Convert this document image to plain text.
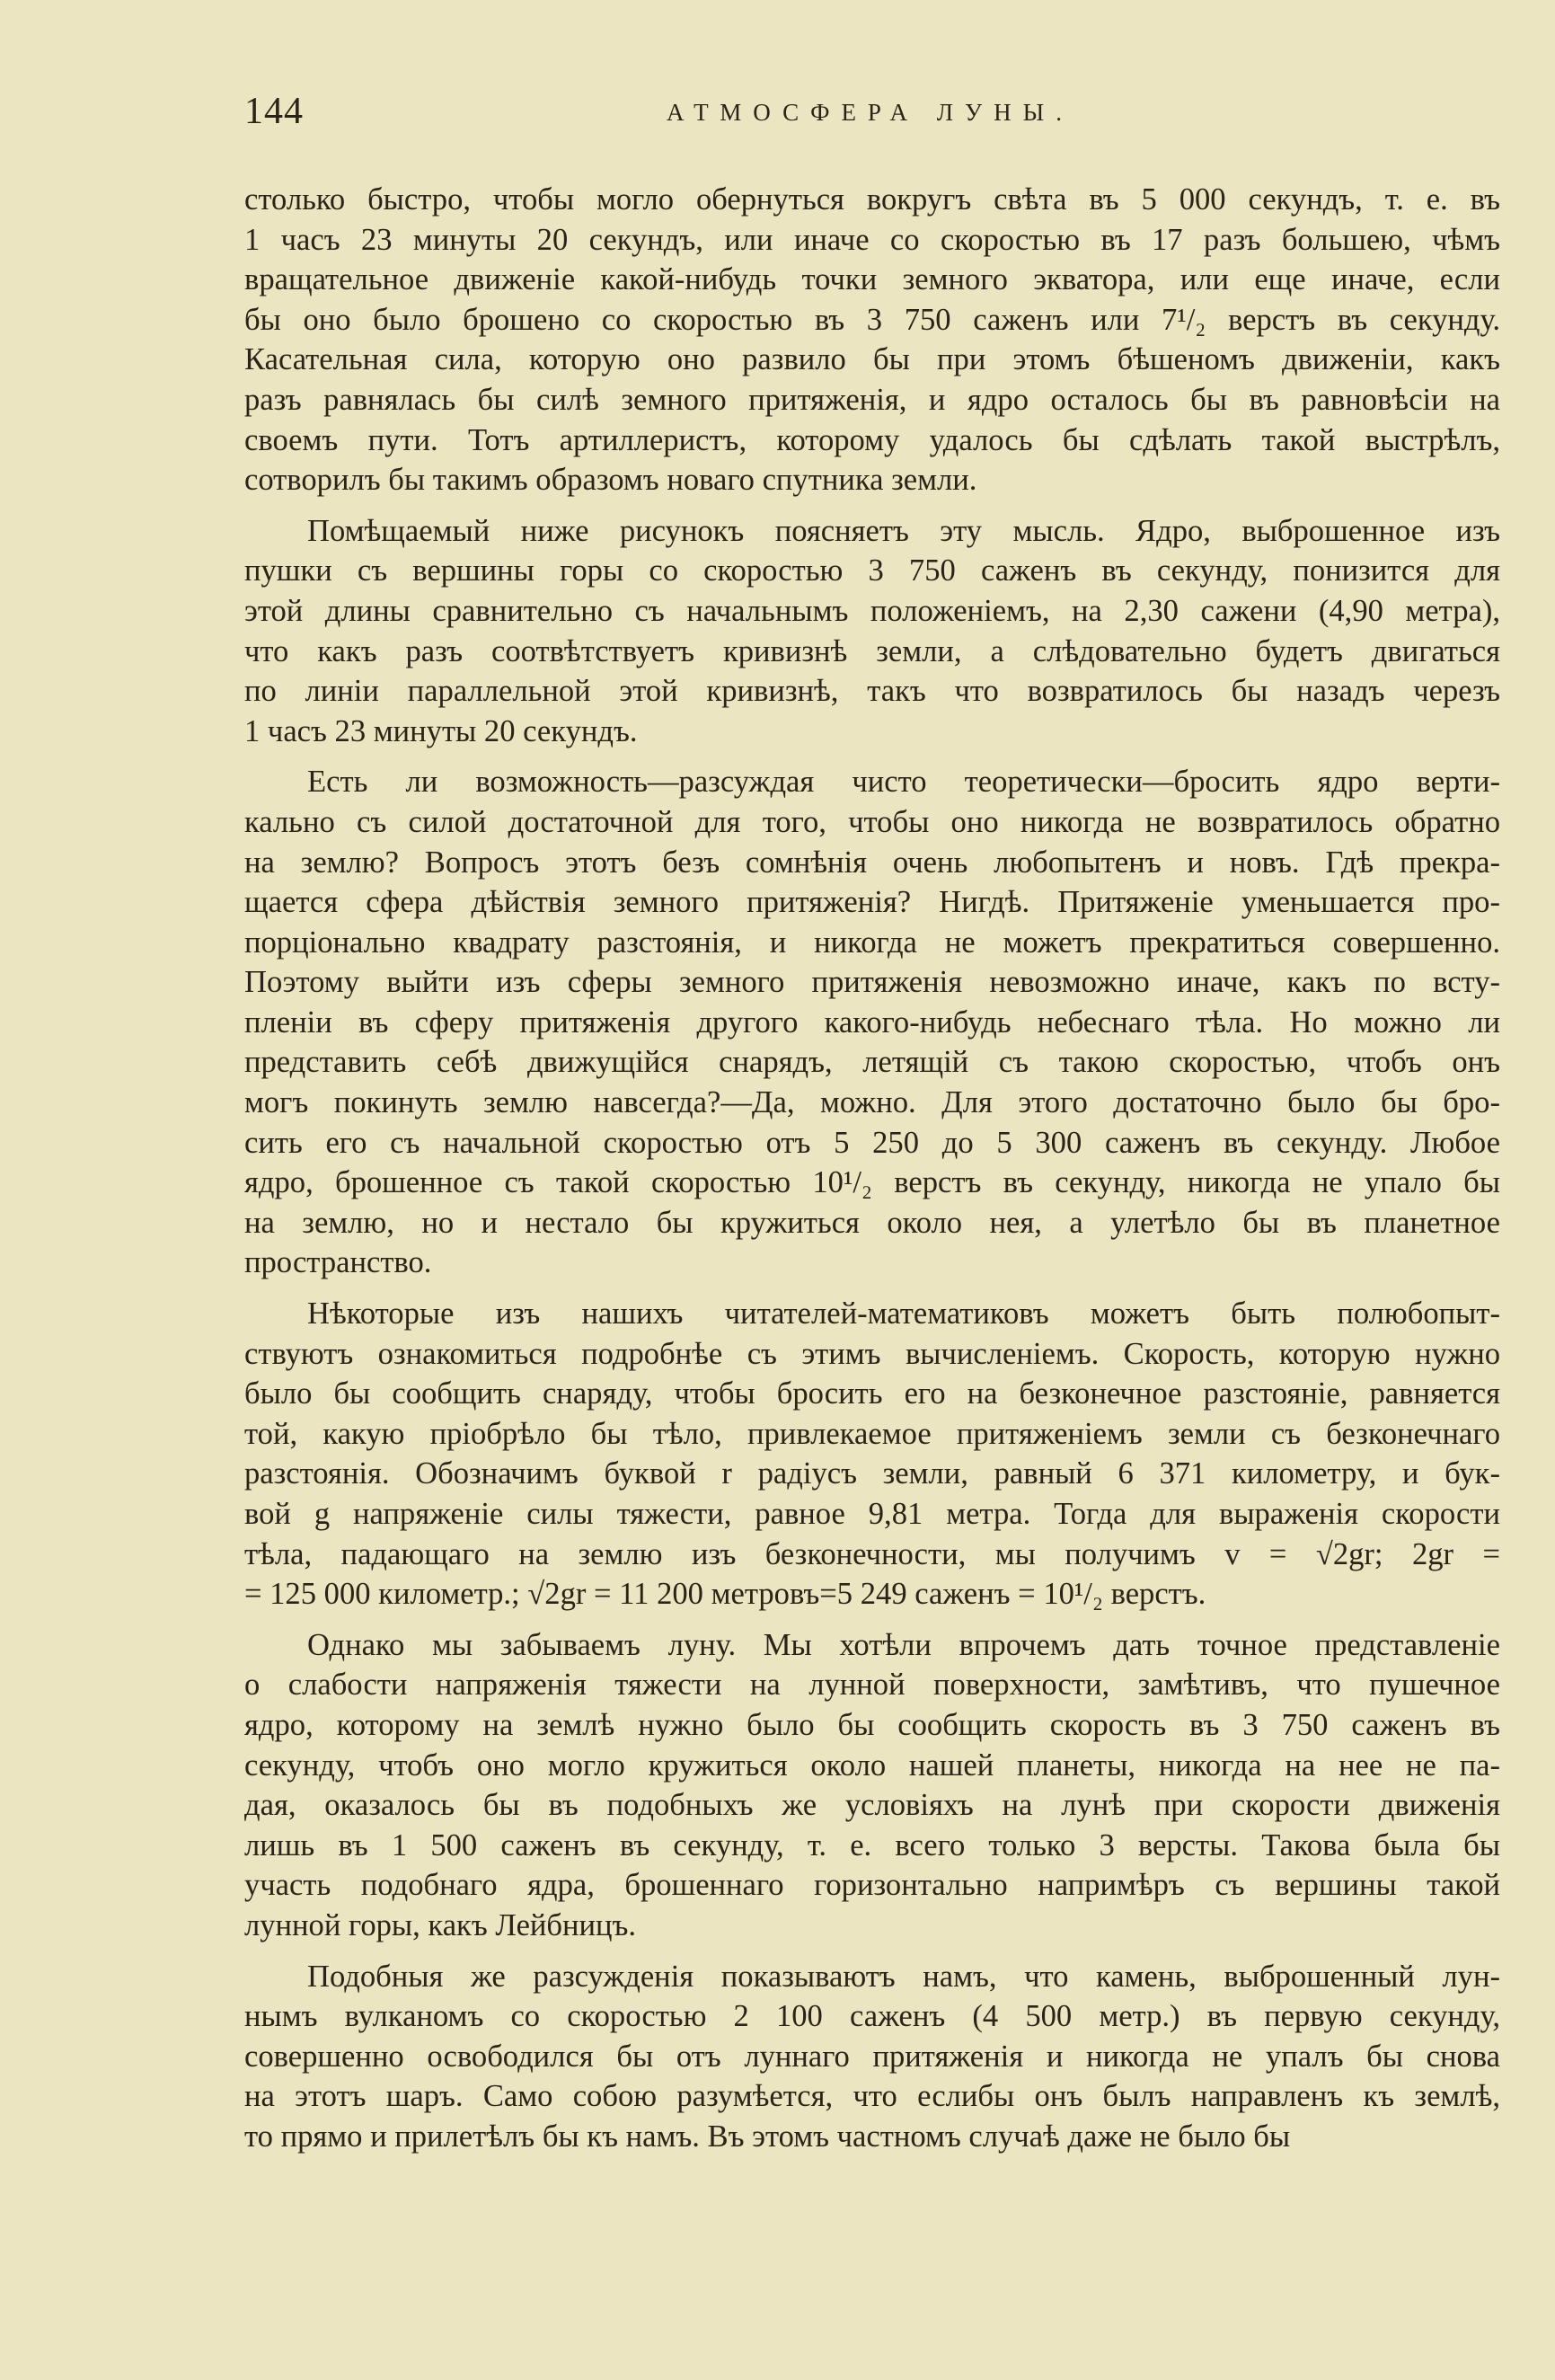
144	АТМОСФЕРА ЛУНЫ.
столько быстро, чтобы могло обернуться вокругъ свѣта въ 5 000 секундъ, т. е. въ
1 часъ 23 минуты 20 секундъ, или иначе со скоростью въ 17 разъ большею, чѣмъ
вращательное движеніе какой-нибудь точки земного экватора, или еще иначе, если
бы оно было брошено со скоростью въ 3 750 саженъ или 7¹/₂ верстъ въ секунду.
Касательная сила, которую оно развило бы при этомъ бѣшеномъ движеніи, какъ
разъ равнялась бы силѣ земного притяженія, и ядро осталось бы въ равновѣсіи на
своемъ пути. Тотъ артиллеристъ, которому удалось бы сдѣлать такой выстрѣлъ,
сотворилъ бы такимъ образомъ новаго спутника земли.
Помѣщаемый ниже рисунокъ поясняетъ эту мысль. Ядро, выброшенное изъ
пушки съ вершины горы со скоростью 3 750 саженъ въ секунду, понизится для
этой длины сравнительно съ начальнымъ положеніемъ, на 2,30 сажени (4,90 метра),
что какъ разъ соотвѣтствуетъ кривизнѣ земли, а слѣдовательно будетъ двигаться
по линіи параллельной этой кривизнѣ, такъ что возвратилось бы назадъ черезъ
1 часъ 23 минуты 20 секундъ.
Есть ли возможность—разсуждая чисто теоретически—бросить ядро верти-
кально съ силой достаточной для того, чтобы оно никогда не возвратилось обратно
на землю? Вопросъ этотъ безъ сомнѣнія очень любопытенъ и новъ. Гдѣ прекра-
щается сфера дѣйствія земного притяженія? Нигдѣ. Притяженіе уменьшается про-
порціонально квадрату разстоянія, и никогда не можетъ прекратиться совершенно.
Поэтому выйти изъ сферы земного притяженія невозможно иначе, какъ по всту-
пленіи въ сферу притяженія другого какого-нибудь небеснаго тѣла. Но можно ли
представить себѣ движущійся снарядъ, летящій съ такою скоростью, чтобъ онъ
могъ покинуть землю навсегда?—Да, можно. Для этого достаточно было бы бро-
сить его съ начальной скоростью отъ 5 250 до 5 300 саженъ въ секунду. Любое
ядро, брошенное съ такой скоростью 10¹/₂ верстъ въ секунду, никогда не упало бы
на землю, но и нестало бы кружиться около нея, а улетѣло бы въ планетное
пространство.
Нѣкоторые изъ нашихъ читателей-математиковъ можетъ быть полюбопыт-
ствуютъ ознакомиться подробнѣе съ этимъ вычисленіемъ. Скорость, которую нужно
было бы сообщить снаряду, чтобы бросить его на безконечное разстояніе, равняется
той, какую пріобрѣло бы тѣло, привлекаемое притяженіемъ земли съ безконечнаго
разстоянія. Обозначимъ буквой r радіусъ земли, равный 6 371 километру, и бук-
вой g напряженіе силы тяжести, равное 9,81 метра. Тогда для выраженія скорости
тѣла, падающаго на землю изъ безконечности, мы получимъ v = √2gr; 2gr =
= 125 000 километр.; √2gr = 11 200 метровъ=5 249 саженъ = 10¹/₂ верстъ.
Однако мы забываемъ луну. Мы хотѣли впрочемъ дать точное представленіе
о слабости напряженія тяжести на лунной поверхности, замѣтивъ, что пушечное
ядро, которому на землѣ нужно было бы сообщить скорость въ 3 750 саженъ въ
секунду, чтобъ оно могло кружиться около нашей планеты, никогда на нее не па-
дая, оказалось бы въ подобныхъ же условіяхъ на лунѣ при скорости движенія
лишь въ 1 500 саженъ въ секунду, т. е. всего только 3 версты. Такова была бы
участь подобнаго ядра, брошеннаго горизонтально напримѣръ съ вершины такой
лунной горы, какъ Лейбницъ.
Подобныя же разсужденія показываютъ намъ, что камень, выброшенный лун-
нымъ вулканомъ со скоростью 2 100 саженъ (4 500 метр.) въ первую секунду,
совершенно освободился бы отъ луннаго притяженія и никогда не упалъ бы снова
на этотъ шаръ. Само собою разумѣется, что еслибы онъ былъ направленъ къ землѣ,
то прямо и прилетѣлъ бы къ намъ. Въ этомъ частномъ случаѣ даже не было бы
